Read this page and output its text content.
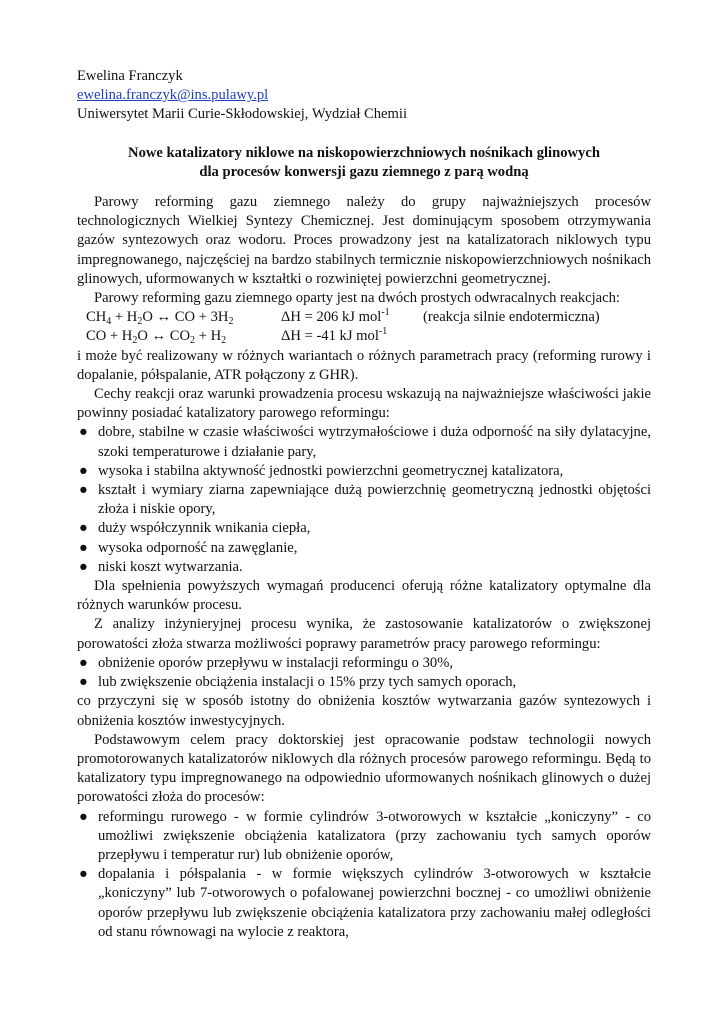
Ewelina Franczyk
ewelina.franczyk@ins.pulawy.pl
Uniwersytet Marii Curie-Skłodowskiej, Wydział Chemii
Nowe katalizatory niklowe na niskopowierzchniowych nośnikach glinowych
dla procesów konwersji gazu ziemnego z parą wodną

Parowy reforming gazu ziemnego należy do grupy najważniejszych procesów technologicznych Wielkiej Syntezy Chemicznej. Jest dominującym sposobem otrzymywania gazów syntezowych oraz wodoru. Proces prowadzony jest na katalizatorach niklowych typu impregnowanego, najczęściej na bardzo stabilnych termicznie niskopowierzchniowych nośnikach glinowych, uformowanych w kształtki o rozwiniętej powierzchni geometrycznej.

Parowy reforming gazu ziemnego oparty jest na dwóch prostych odwracalnych reakcjach:

$CH_4 + H_2O$ ↔ CO + $3H_2$	ΔH = 206 kJ mol$^{-1}$	(reakcja silnie endotermiczna)
CO + $H_2O$ ↔ $CO_2 + H_2$	ΔH = -41 kJ mol$^{-1}$

i może być realizowany w różnych wariantach o różnych parametrach pracy (reforming rurowy i dopalanie, półspalanie, ATR połączony z GHR).

Cechy reakcji oraz warunki prowadzenia procesu wskazują na najważniejsze właściwości jakie powinny posiadać katalizatory parowego reformingu:

● dobre, stabilne w czasie właściwości wytrzymałościowe i duża odporność na siły dylatacyjne, szoki temperaturowe i działanie pary,
● wysoka i stabilna aktywność jednostki powierzchni geometrycznej katalizatora,
● kształt i wymiary ziarna zapewniające dużą powierzchnię geometryczną jednostki objętości złoża i niskie opory,
● duży współczynnik wnikania ciepła,
● wysoka odporność na zawęglanie,
● niski koszt wytwarzania.

Dla spełnienia powyższych wymagań producenci oferują różne katalizatory optymalne dla różnych warunków procesu.

Z analizy inżynieryjnej procesu wynika, że zastosowanie katalizatorów o zwiększonej porowatości złoża stwarza możliwości poprawy parametrów pracy parowego reformingu:

● obniżenie oporów przepływu w instalacji reformingu o 30%,
● lub zwiększenie obciążenia instalacji o 15% przy tych samych oporach,

co przyczyni się w sposób istotny do obniżenia kosztów wytwarzania gazów syntezowych i obniżenia kosztów inwestycyjnych.

Podstawowym celem pracy doktorskiej jest opracowanie podstaw technologii nowych promotorowanych katalizatorów niklowych dla różnych procesów parowego reformingu. Będą to katalizatory typu impregnowanego na odpowiednio uformowanych nośnikach glinowych o dużej porowatości złoża do procesów:

● reformingu rurowego - w formie cylindrów 3-otworowych w kształcie „koniczyny” - co umożliwi zwiększenie obciążenia katalizatora (przy zachowaniu tych samych oporów przepływu i temperatur rur) lub obniżenie oporów,
● dopalania i półspalania - w formie większych cylindrów 3-otworowych w kształcie „koniczyny” lub 7-otworowych o pofalowanej powierzchni bocznej - co umożliwi obniżenie oporów przepływu lub zwiększenie obciążenia katalizatora przy zachowaniu małej odległości od stanu równowagi na wylocie z reaktora,
